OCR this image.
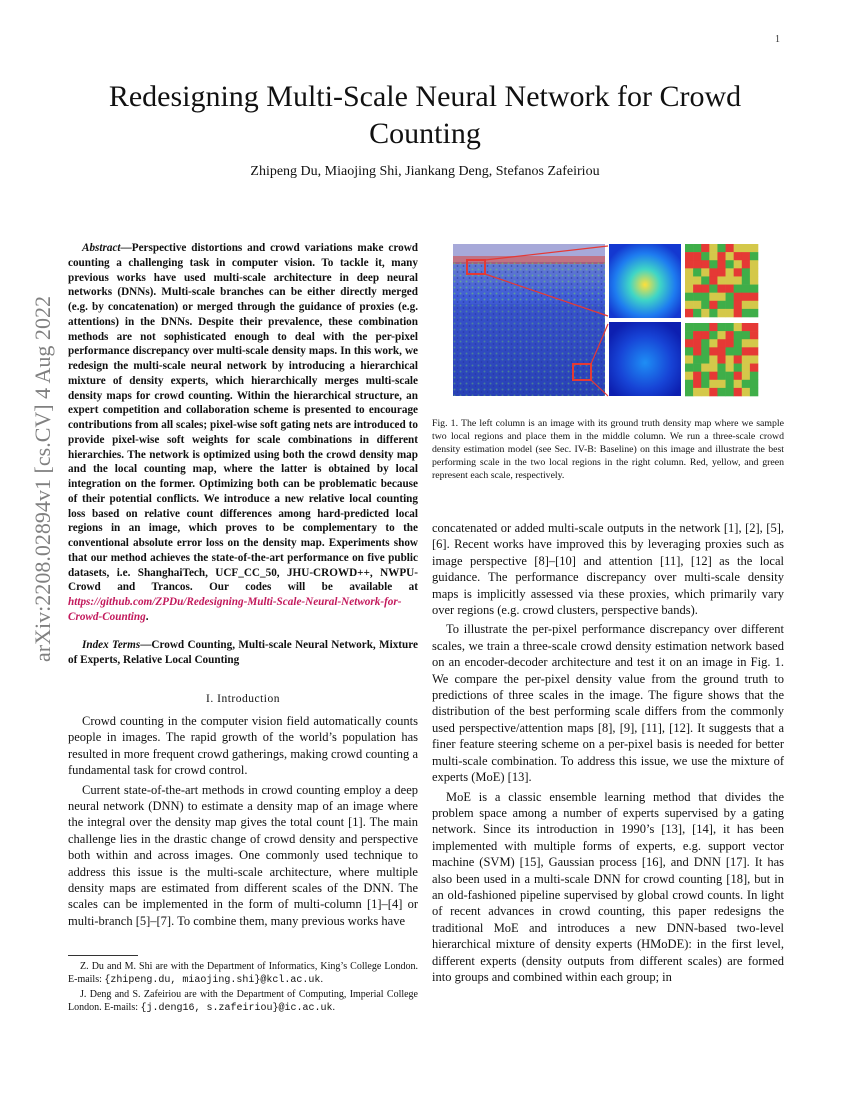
1
arXiv:2208.02894v1 [cs.CV] 4 Aug 2022
Redesigning Multi-Scale Neural Network for Crowd
Counting
Zhipeng Du, Miaojing Shi, Jiankang Deng, Stefanos Zafeiriou

Abstract—Perspective distortions and crowd variations make crowd counting a challenging task in computer vision. To tackle it, many previous works have used multi-scale architecture in deep neural networks (DNNs). Multi-scale branches can be either directly merged (e.g. by concatenation) or merged through the guidance of proxies (e.g. attentions) in the DNNs. Despite their prevalence, these combination methods are not sophisticated enough to deal with the per-pixel performance discrepancy over multi-scale density maps. In this work, we redesign the multi-scale neural network by introducing a hierarchical mixture of density experts, which hierarchically merges multi-scale density maps for crowd counting. Within the hierarchical structure, an expert competition and collaboration scheme is presented to encourage contributions from all scales; pixel-wise soft gating nets are introduced to provide pixel-wise soft weights for scale combinations in different hierarchies. The network is optimized using both the crowd density map and the local counting map, where the latter is obtained by local integration on the former. Optimizing both can be problematic because of their potential conflicts. We introduce a new relative local counting loss based on relative count differences among hard-predicted local regions in an image, which proves to be complementary to the conventional absolute error loss on the density map. Experiments show that our method achieves the state-of-the-art performance on five public datasets, i.e. ShanghaiTech, UCF_CC_50, JHU-CROWD++, NWPU-Crowd and Trancos. Our codes will be available at https://github.com/ZPDu/Redesigning-Multi-Scale-Neural-Network-for-Crowd-Counting.

Index Terms—Crowd Counting, Multi-scale Neural Network, Mixture of Experts, Relative Local Counting

I. Introduction

Crowd counting in the computer vision field automatically counts people in images. The rapid growth of the world’s population has resulted in more frequent crowd gatherings, making crowd counting a fundamental task for crowd control.

Current state-of-the-art methods in crowd counting employ a deep neural network (DNN) to estimate a density map of an image where the integral over the density map gives the total count [1]. The main challenge lies in the drastic change of crowd density and perspective both within and across images. One commonly used technique to address this issue is the multi-scale architecture, where multiple density maps are estimated from different scales of the DNN. The scales can be implemented in the form of multi-column [1]–[4] or multi-branch [5]–[7]. To combine them, many previous works have

Z. Du and M. Shi are with the Department of Informatics, King’s College London. E-mails: {zhipeng.du, miaojing.shi}@kcl.ac.uk.

J. Deng and S. Zafeiriou are with the Department of Computing, Imperial College London. E-mails: {j.deng16, s.zafeiriou}@ic.ac.uk.

Fig. 1. The left column is an image with its ground truth density map where we sample two local regions and place them in the middle column. We run a three-scale crowd density estimation model (see Sec. IV-B: Baseline) on this image and illustrate the best performing scale in the two local regions in the right column. Red, yellow, and green represent each scale, respectively.

concatenated or added multi-scale outputs in the network [1], [2], [5], [6]. Recent works have improved this by leveraging proxies such as image perspective [8]–[10] and attention [11], [12] as the local guidance. The performance discrepancy over multi-scale density maps is implicitly assessed via these proxies, which primarily vary over regions (e.g. crowd clusters, perspective bands).

To illustrate the per-pixel performance discrepancy over different scales, we train a three-scale crowd density estimation network based on an encoder-decoder architecture and test it on an image in Fig. 1. We compare the per-pixel density value from the ground truth to predictions of three scales in the image. The figure shows that the distribution of the best performing scale differs from the commonly used perspective/attention maps [8], [9], [11], [12]. It suggests that a finer feature steering scheme on a per-pixel basis is needed for better multi-scale combination. To address this issue, we use the mixture of experts (MoE) [13].

MoE is a classic ensemble learning method that divides the problem space among a number of experts supervised by a gating network. Since its introduction in 1990’s [13], [14], it has been implemented with multiple forms of experts, e.g. support vector machine (SVM) [15], Gaussian process [16], and DNN [17]. It has also been used in a multi-scale DNN for crowd counting [18], but in an old-fashioned pipeline supervised by global crowd counts. In light of recent advances in crowd counting, this paper redesigns the traditional MoE and introduces a new DNN-based two-level hierarchical mixture of density experts (HMoDE): in the first level, different experts (density outputs from different scales) are formed into groups and combined within each group; in
